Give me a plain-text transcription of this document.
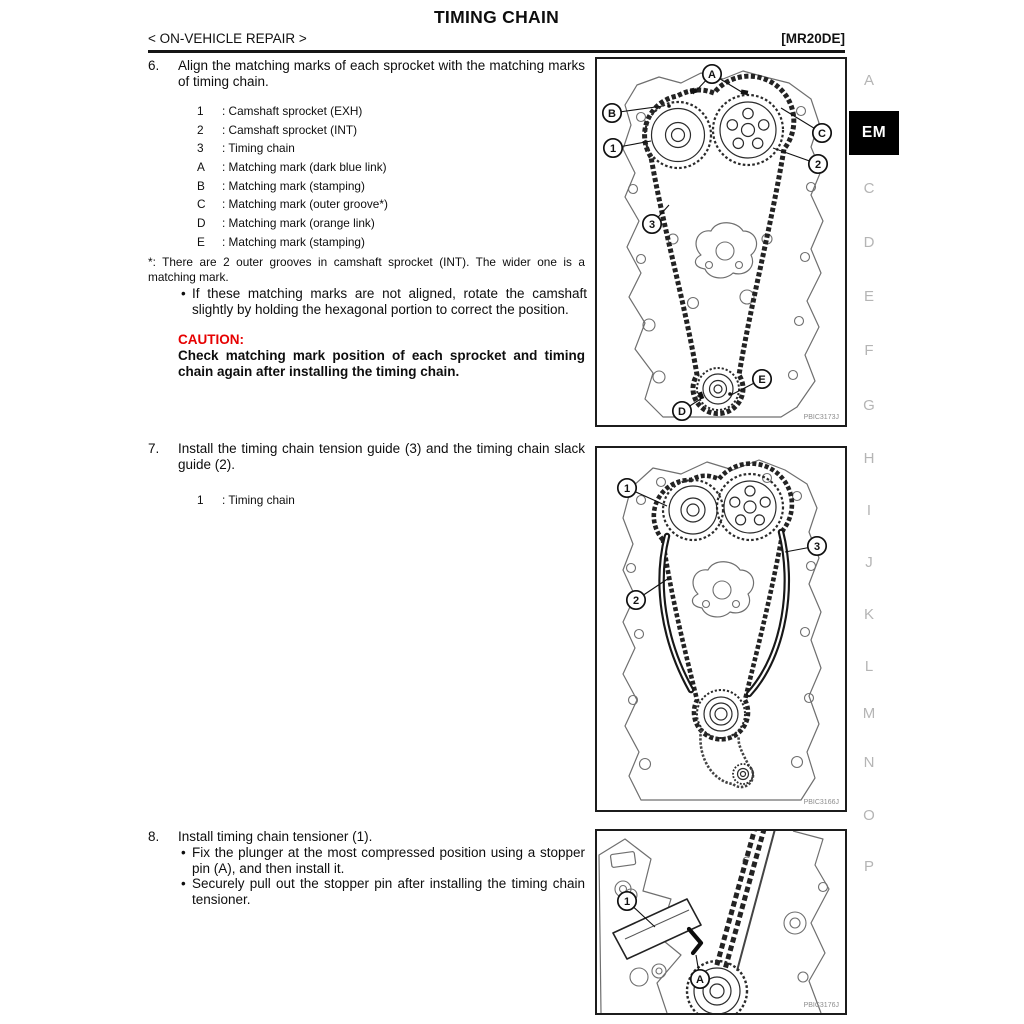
TIMING CHAIN
< ON-VEHICLE REPAIR >	[MR20DE]
6.	Align the matching marks of each sprocket with the matching marks of timing chain.
1 : Camshaft sprocket (EXH)
2 : Camshaft sprocket (INT)
3 : Timing chain
A : Matching mark (dark blue link)
B : Matching mark (stamping)
C : Matching mark (outer groove*)
D : Matching mark (orange link)
E : Matching mark (stamping)
*: There are 2 outer grooves in camshaft sprocket (INT). The wider one is a matching mark.
• If these matching marks are not aligned, rotate the camshaft slightly by holding the hexagonal portion to correct the position.
CAUTION:
Check matching mark position of each sprocket and timing chain again after installing the timing chain.
7.	Install the timing chain tension guide (3) and the timing chain slack guide (2).
1 : Timing chain
8.	Install timing chain tensioner (1).
• Fix the plunger at the most compressed position using a stopper pin (A), and then install it.
• Securely pull out the stopper pin after installing the timing chain tensioner.
A
B
C
1
2
3
D
E
PBIC3173J
1
2
3
PBIC3166J
1
A
PBIC3176J
A
EM
C
D
E
F
G
H
I
J
K
L
M
N
O
P
